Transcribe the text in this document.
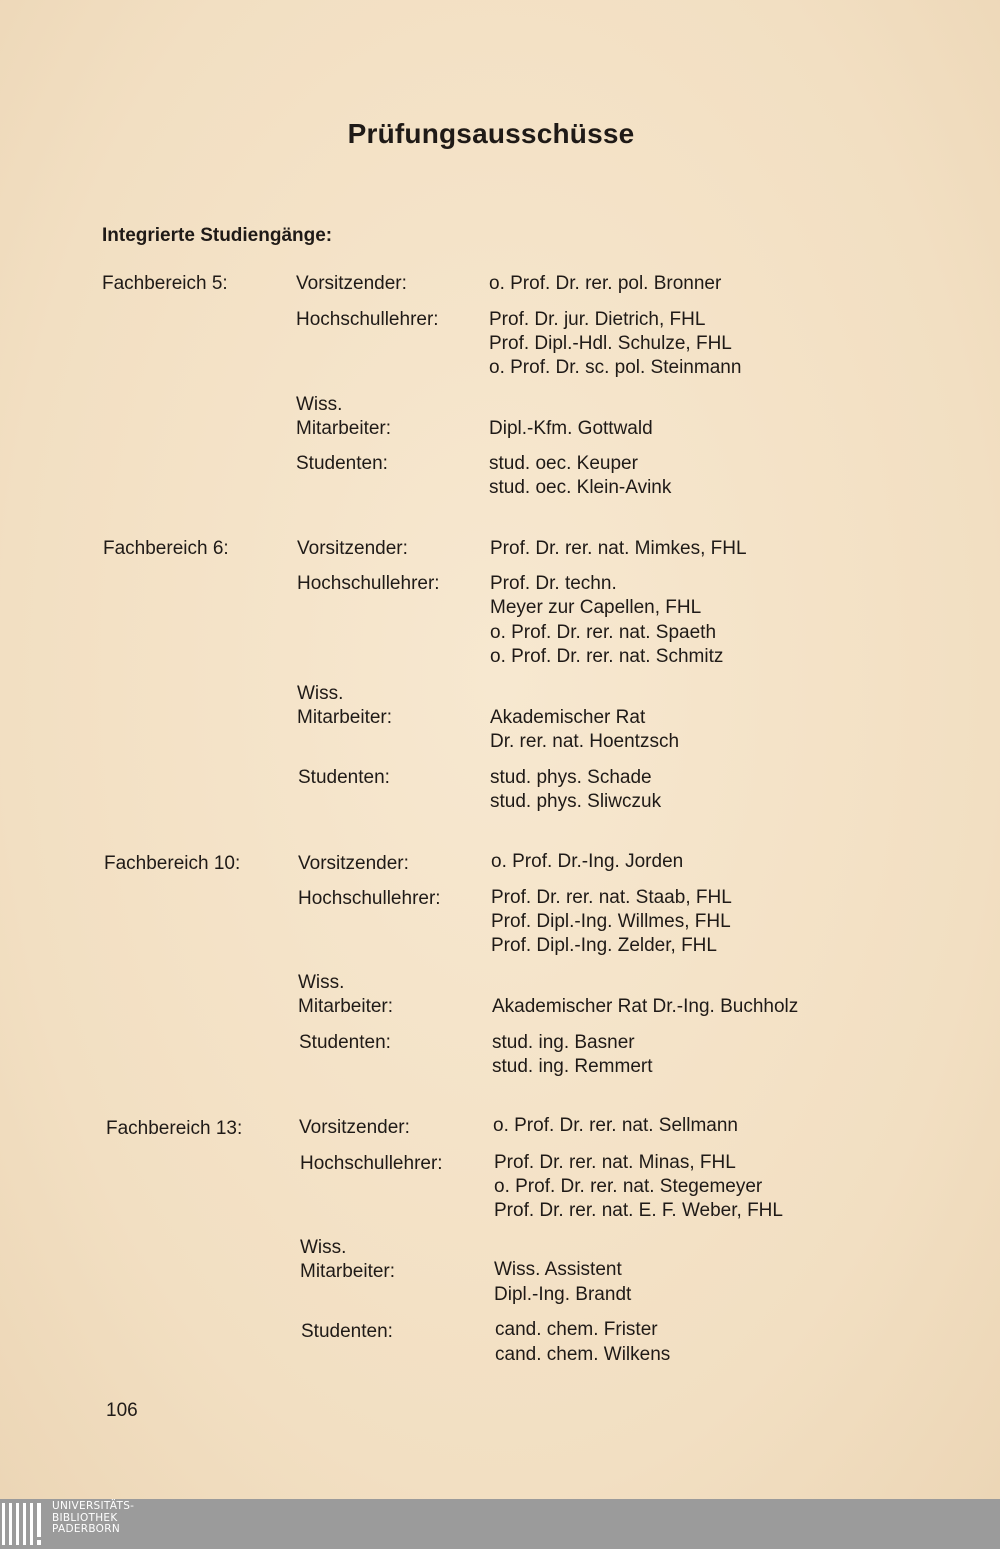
Prüfungsausschüsse
Integrierte Studiengänge:
Fachbereich 5:	Vorsitzender:	o. Prof. Dr. rer. pol. Bronner
Hochschullehrer:	Prof. Dr. jur. Dietrich, FHL
Prof. Dipl.-Hdl. Schulze, FHL
o. Prof. Dr. sc. pol. Steinmann
Wiss.
Mitarbeiter:	Dipl.-Kfm. Gottwald
Studenten:	stud. oec. Keuper
stud. oec. Klein-Avink
Fachbereich 6:	Vorsitzender:	Prof. Dr. rer. nat. Mimkes, FHL
Hochschullehrer:	Prof. Dr. techn.
Meyer zur Capellen, FHL
o. Prof. Dr. rer. nat. Spaeth
o. Prof. Dr. rer. nat. Schmitz
Wiss.
Mitarbeiter:	Akademischer Rat
Dr. rer. nat. Hoentzsch
Studenten:	stud. phys. Schade
stud. phys. Sliwczuk
Fachbereich 10:	Vorsitzender:	o. Prof. Dr.-Ing. Jorden
Hochschullehrer:	Prof. Dr. rer. nat. Staab, FHL
Prof. Dipl.-Ing. Willmes, FHL
Prof. Dipl.-Ing. Zelder, FHL
Wiss.
Mitarbeiter:	Akademischer Rat Dr.-Ing. Buchholz
Studenten:	stud. ing. Basner
stud. ing. Remmert
Fachbereich 13:	Vorsitzender:	o. Prof. Dr. rer. nat. Sellmann
Hochschullehrer:	Prof. Dr. rer. nat. Minas, FHL
o. Prof. Dr. rer. nat. Stegemeyer
Prof. Dr. rer. nat. E. F. Weber, FHL
Wiss.
Mitarbeiter:	Wiss. Assistent
Dipl.-Ing. Brandt
Studenten:	cand. chem. Frister
cand. chem. Wilkens
106
UNIVERSITÄTS-
BIBLIOTHEK
PADERBORN
